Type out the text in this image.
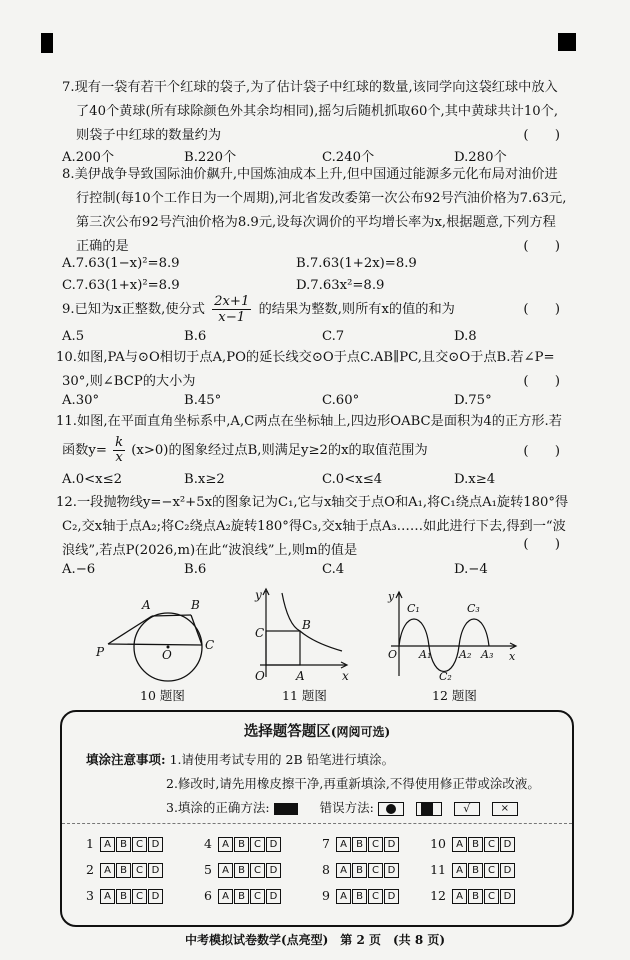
7.现有一袋有若干个红球的袋子,为了估计袋子中红球的数量,该同学向这袋红球中放入
了40个黄球(所有球除颜色外其余均相同),摇匀后随机抓取60个,其中黄球共计10个,
则袋子中红球的数量约为	(　　)
A.200个	B.220个	C.240个	D.280个
8.美伊战争导致国际油价飙升,中国炼油成本上升,但中国通过能源多元化布局对油价进
行控制(每10个工作日为一个周期),河北省发改委第一次公布92号汽油价格为7.63元,
第三次公布92号汽油价格为8.9元,设每次调价的平均增长率为x,根据题意,下列方程
正确的是	(　　)
A.7.63(1−x)²=8.9	B.7.63(1+2x)=8.9
C.7.63(1+x)²=8.9	D.7.63x²=8.9
9.已知为x正整数,使分式 $\frac{2x+1}{x-1}$ 的结果为整数,则所有x的值的和为	(　　)
A.5	B.6	C.7	D.8
10.如图,PA与⊙O相切于点A,PO的延长线交⊙O于点C.AB∥PC,且交⊙O于点B.若∠P=
30°,则∠BCP的大小为	(　　)
A.30°	B.45°	C.60°	D.75°
11.如图,在平面直角坐标系中,A,C两点在坐标轴上,四边形OABC是面积为4的正方形.若
函数$y= \frac{k}{x} (x>0)$的图象经过点B,则满足y≥2的x的取值范围为	(　　)
A.0<x≤2	B.x≥2	C.0<x≤4	D.x≥4
12.一段抛物线y=−x²+5x的图象记为C₁,它与x轴交于点O和A₁,将C₁绕点A₁旋转180°得
C₂,交x轴于点A₂;将C₂绕点A₂旋转180°得C₃,交x轴于点A₃……如此进行下去,得到一“波
浪线”,若点P(2026,m)在此“波浪线”上,则m的值是	(　　)
A.−6	B.6	C.4	D.−4
A	B
P	O
C
10 题图
y
x
C
B
O	A
11 题图
y
x
O
C₁	C₃
C₂
A₁	A₂ A₃
12 题图
选择题答题区(网阅可选)
填涂注意事项: 1.请使用考试专用的 2B 铅笔进行填涂。
2.修改时,请先用橡皮擦干净,再重新填涂,不得使用修正带或涂改液。
3.填涂的正确方法:	错误方法:
	√	×
1 A B C D	4 A B C D	7 A B C D	10 A B C D
2 A B C D	5 A B C D	8 A B C D	11 A B C D
3 A B C D	6 A B C D	9 A B C D	12 A B C D
中考模拟试卷数学(点亮型)　第 2 页　(共 8 页)
